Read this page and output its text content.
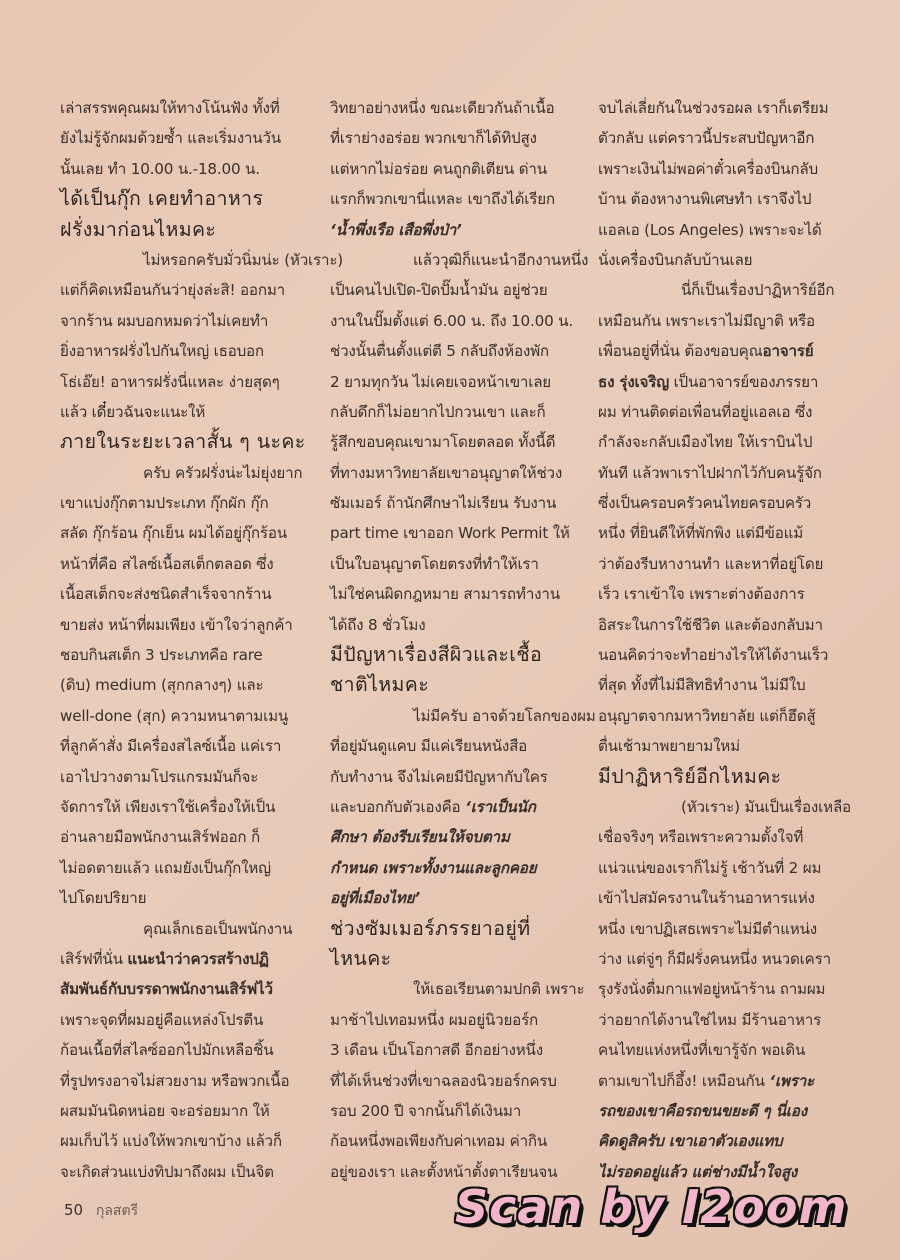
เล่าสรรพคุณผมให้ทางโน้นฟัง ทั้งที่
ยังไม่รู้จักผมด้วยซ้ำ และเริ่มงานวัน
นั้นเลย ทำ 10.00 น.-18.00 น.
ได้เป็นกุ๊ก เคยทำอาหาร
ฝรั่งมาก่อนไหมคะ
ไม่หรอกครับมั่วนิ่มน่ะ (หัวเราะ)
แต่ก็คิดเหมือนกันว่ายุ่งล่ะสิ! ออกมา
จากร้าน ผมบอกหมดว่าไม่เคยทำ
ยิ่งอาหารฝรั่งไปกันใหญ่ เธอบอก
โธ่เอ๊ย! อาหารฝรั่งนี่แหละ ง่ายสุดๆ
แล้ว เดี๋ยวฉันจะแนะให้
ภายในระยะเวลาสั้น ๆ นะคะ
ครับ ครัวฝรั่งน่ะไม่ยุ่งยาก
เขาแบ่งกุ๊กตามประเภท กุ๊กผัก กุ๊ก
สลัด กุ๊กร้อน กุ๊กเย็น ผมได้อยู่กุ๊กร้อน
หน้าที่คือ สไลซ์เนื้อสเต็กตลอด ซึ่ง
เนื้อสเต็กจะส่งชนิดสำเร็จจากร้าน
ขายส่ง หน้าที่ผมเพียง เข้าใจว่าลูกค้า
ชอบกินสเต็ก 3 ประเภทคือ rare
(ดิบ) medium (สุกกลางๆ) และ
well-done (สุก) ความหนาตามเมนู
ที่ลูกค้าสั่ง มีเครื่องสไลซ์เนื้อ แค่เรา
เอาไปวางตามโปรแกรมมันก็จะ
จัดการให้ เพียงเราใช้เครื่องให้เป็น
อ่านลายมือพนักงานเสิร์ฟออก ก็
ไม่อดตายแล้ว แถมยังเป็นกุ๊กใหญ่
ไปโดยปริยาย
คุณเล็กเธอเป็นพนักงาน
เสิร์ฟที่นั่น แนะนำว่าควรสร้างปฏิ
สัมพันธ์กับบรรดาพนักงานเสิร์ฟไว้
เพราะจุดที่ผมอยู่คือแหล่งโปรตีน
ก้อนเนื้อที่สไลซ์ออกไปมักเหลือชิ้น
ที่รูปทรงอาจไม่สวยงาม หรือพวกเนื้อ
ผสมมันนิดหน่อย จะอร่อยมาก ให้
ผมเก็บไว้ แบ่งให้พวกเขาบ้าง แล้วก็
จะเกิดส่วนแบ่งทิปมาถึงผม เป็นจิต
วิทยาอย่างหนึ่ง ขณะเดียวกันถ้าเนื้อ
ที่เราย่างอร่อย พวกเขาก็ได้ทิปสูง
แต่หากไม่อร่อย คนถูกติเตียน ด่าน
แรกก็พวกเขานี่แหละ เขาถึงได้เรียก
‘น้ำพึ่งเรือ เสือพึ่งป่า’
แล้ววุฒิก็แนะนำอีกงานหนึ่ง
เป็นคนไปเปิด-ปิดปั๊มน้ำมัน อยู่ช่วย
งานในปั๊มตั้งแต่ 6.00 น. ถึง 10.00 น.
ช่วงนั้นตื่นตั้งแต่ตี 5 กลับถึงห้องพัก
2 ยามทุกวัน ไม่เคยเจอหน้าเขาเลย
กลับดึกก็ไม่อยากไปกวนเขา และก็
รู้สึกขอบคุณเขามาโดยตลอด ทั้งนี้ดี
ที่ทางมหาวิทยาลัยเขาอนุญาตให้ช่วง
ซัมเมอร์ ถ้านักศึกษาไม่เรียน รับงาน
part time เขาออก Work Permit ให้
เป็นใบอนุญาตโดยตรงที่ทำให้เรา
ไม่ใช่คนผิดกฎหมาย สามารถทำงาน
ได้ถึง 8 ชั่วโมง
มีปัญหาเรื่องสีผิวและเชื้อ
ชาติไหมคะ
ไม่มีครับ อาจด้วยโลกของผม
ที่อยู่มันดูแคบ มีแค่เรียนหนังสือ
กับทำงาน จึงไม่เคยมีปัญหากับใคร
และบอกกับตัวเองคือ ‘เราเป็นนัก
ศึกษา ต้องรีบเรียนให้จบตาม
กำหนด เพราะทั้งงานและลูกคอย
อยู่ที่เมืองไทย’
ช่วงซัมเมอร์ภรรยาอยู่ที่
ไหนคะ
ให้เธอเรียนตามปกติ เพราะ
มาช้าไปเทอมหนึ่ง ผมอยู่นิวยอร์ก
3 เดือน เป็นโอกาสดี อีกอย่างหนึ่ง
ที่ได้เห็นช่วงที่เขาฉลองนิวยอร์กครบ
รอบ 200 ปี จากนั้นก็ได้เงินมา
ก้อนหนึ่งพอเพียงกับค่าเทอม ค่ากิน
อยู่ของเรา และตั้งหน้าตั้งตาเรียนจน
จบไล่เลี่ยกันในช่วงรอผล เราก็เตรียม
ตัวกลับ แต่คราวนี้ประสบปัญหาอีก
เพราะเงินไม่พอค่าตั๋วเครื่องบินกลับ
บ้าน ต้องหางานพิเศษทำ เราจึงไป
แอลเอ (Los Angeles) เพราะจะได้
นั่งเครื่องบินกลับบ้านเลย
นี่ก็เป็นเรื่องปาฏิหาริย์อีก
เหมือนกัน เพราะเราไม่มีญาติ หรือ
เพื่อนอยู่ที่นั่น ต้องขอบคุณอาจารย์
ธง รุ่งเจริญ เป็นอาจารย์ของภรรยา
ผม ท่านติดต่อเพื่อนที่อยู่แอลเอ ซึ่ง
กำลังจะกลับเมืองไทย ให้เราบินไป
ทันที แล้วพาเราไปฝากไว้กับคนรู้จัก
ซึ่งเป็นครอบครัวคนไทยครอบครัว
หนึ่ง ที่ยินดีให้ที่พักพิง แต่มีข้อแม้
ว่าต้องรีบหางานทำ และหาที่อยู่โดย
เร็ว เราเข้าใจ เพราะต่างต้องการ
อิสระในการใช้ชีวิต และต้องกลับมา
นอนคิดว่าจะทำอย่างไรให้ได้งานเร็ว
ที่สุด ทั้งที่ไม่มีสิทธิทำงาน ไม่มีใบ
อนุญาตจากมหาวิทยาลัย แต่ก็ฮึดสู้
ตื่นเช้ามาพยายามใหม่
มีปาฏิหาริย์อีกไหมคะ
(หัวเราะ) มันเป็นเรื่องเหลือ
เชื่อจริงๆ หรือเพราะความตั้งใจที่
แน่วแน่ของเราก็ไม่รู้ เช้าวันที่ 2 ผม
เข้าไปสมัครงานในร้านอาหารแห่ง
หนึ่ง เขาปฏิเสธเพราะไม่มีตำแหน่ง
ว่าง แต่จู่ๆ ก็มีฝรั่งคนหนึ่ง หนวดเครา
รุงรังนั่งดื่มกาแฟอยู่หน้าร้าน ถามผม
ว่าอยากได้งานใช่ไหม มีร้านอาหาร
คนไทยแห่งหนึ่งที่เขารู้จัก พอเดิน
ตามเขาไปก็อึ้ง! เหมือนกัน ‘เพราะ
รถของเขาคือรถขนขยะดี ๆ นี่เอง
คิดดูสิครับ เขาเอาตัวเองแทบ
ไม่รอดอยู่แล้ว แต่ช่างมีน้ำใจสูง
50 กุลสตรี	Scan by I2oom
